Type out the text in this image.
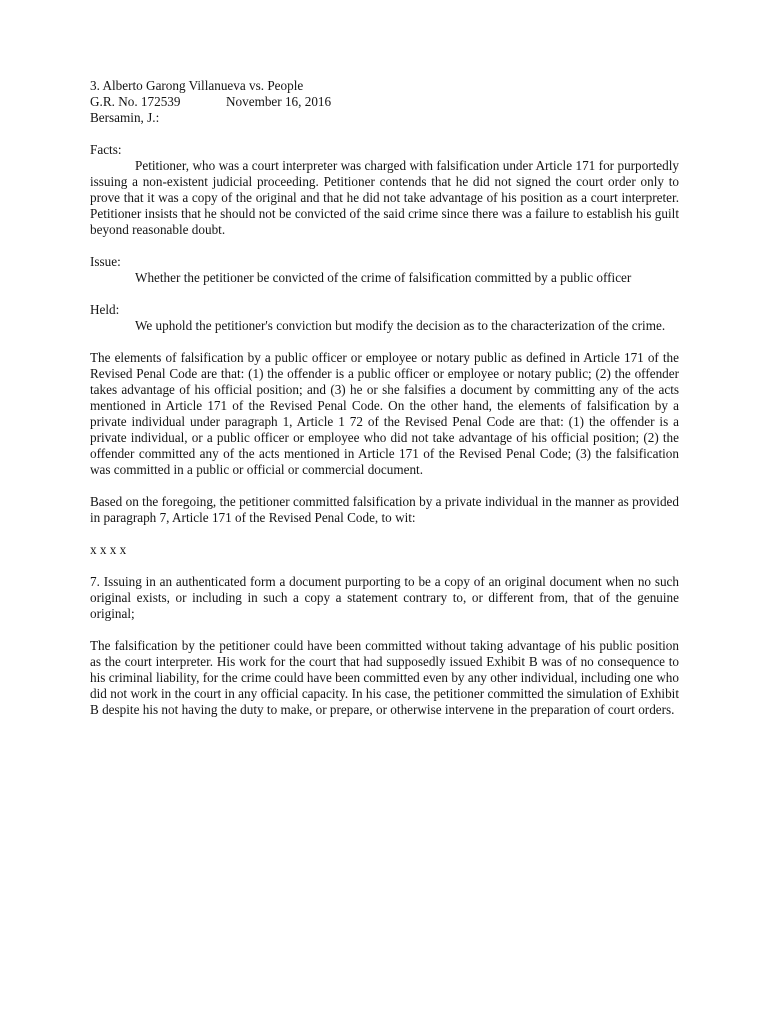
3. Alberto Garong Villanueva vs. People
G.R. No. 172539	November 16, 2016
Bersamin, J.:
Facts:

Petitioner, who was a court interpreter was charged with falsification under Article 171 for purportedly issuing a non-existent judicial proceeding. Petitioner contends that he did not signed the court order only to prove that it was a copy of the original and that he did not take advantage of his position as a court interpreter. Petitioner insists that he should not be convicted of the said crime since there was a failure to establish his guilt beyond reasonable doubt.

Issue:

Whether the petitioner be convicted of the crime of falsification committed by a public officer

Held:

We uphold the petitioner's conviction but modify the decision as to the characterization of the crime.

The elements of falsification by a public officer or employee or notary public as defined in Article 171 of the Revised Penal Code are that: (1) the offender is a public officer or employee or notary public; (2) the offender takes advantage of his official position; and (3) he or she falsifies a document by committing any of the acts mentioned in Article 171 of the Revised Penal Code. On the other hand, the elements of falsification by a private individual under paragraph 1, Article 1 72 of the Revised Penal Code are that: (1) the offender is a private individual, or a public officer or employee who did not take advantage of his official position; (2) the offender committed any of the acts mentioned in Article 171 of the Revised Penal Code; (3) the falsification was committed in a public or official or commercial document.

Based on the foregoing, the petitioner committed falsification by a private individual in the manner as provided in paragraph 7, Article 171 of the Revised Penal Code, to wit:

x x x x

7. Issuing in an authenticated form a document purporting to be a copy of an original document when no such original exists, or including in such a copy a statement contrary to, or different from, that of the genuine original;

The falsification by the petitioner could have been committed without taking advantage of his public position as the court interpreter. His work for the court that had supposedly issued Exhibit B was of no consequence to his criminal liability, for the crime could have been committed even by any other individual, including one who did not work in the court in any official capacity. In his case, the petitioner committed the simulation of Exhibit B despite his not having the duty to make, or prepare, or otherwise intervene in the preparation of court orders.
